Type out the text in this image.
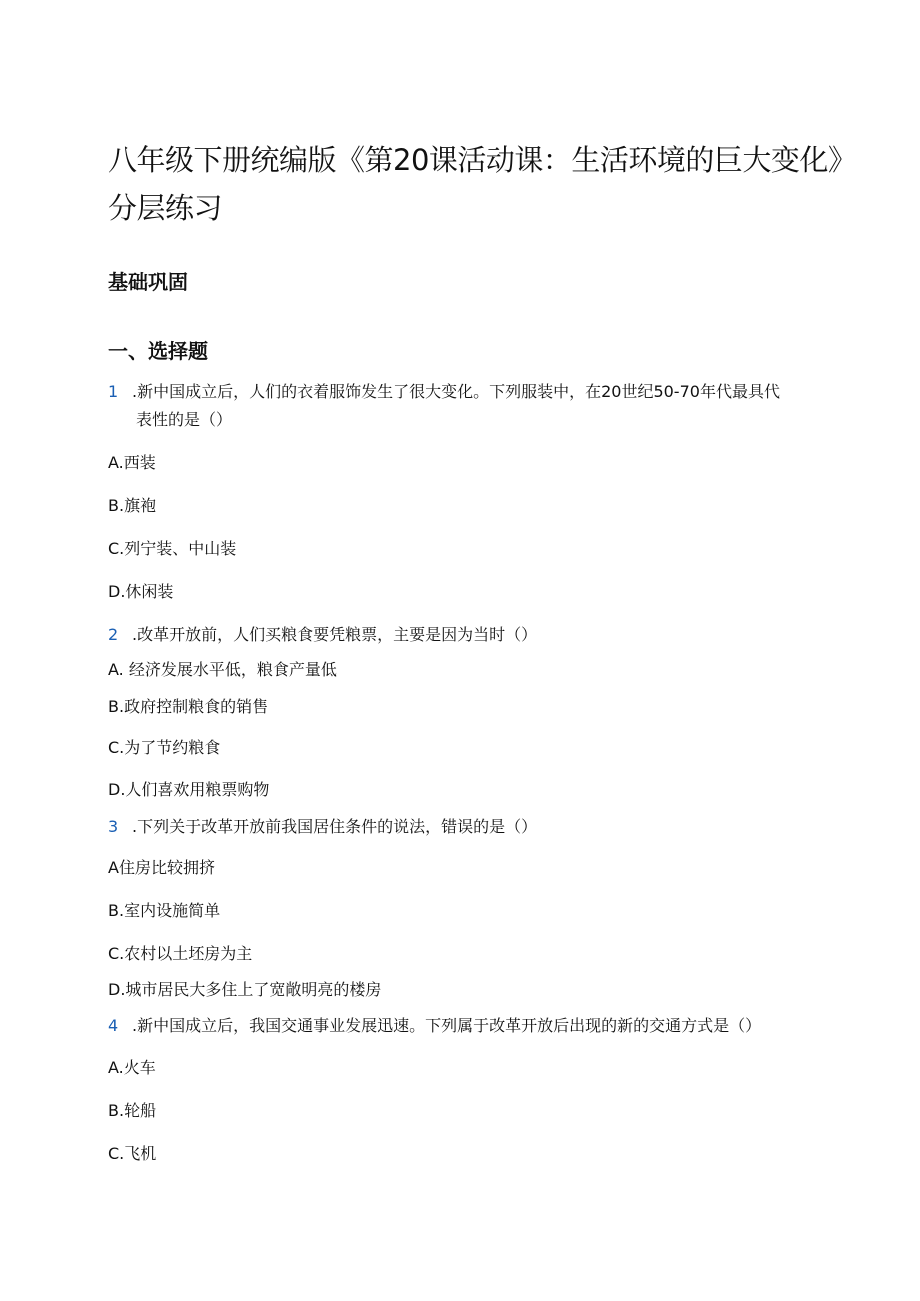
八年级下册统编版《第20课活动课：生活环境的巨大变化》
分层练习
基础巩固
一、选择题
1 .新中国成立后，人们的衣着服饰发生了很大变化。下列服装中，在20世纪50-70年代最具代
表性的是（）
A.西装
B.旗袍
C.列宁装、中山装
D.休闲装
2 .改革开放前，人们买粮食要凭粮票，主要是因为当时（）
A. 经济发展水平低，粮食产量低
B.政府控制粮食的销售
C.为了节约粮食
D.人们喜欢用粮票购物
3 .下列关于改革开放前我国居住条件的说法，错误的是（）
A住房比较拥挤
B.室内设施简单
C.农村以土坯房为主
D.城市居民大多住上了宽敞明亮的楼房
4 .新中国成立后，我国交通事业发展迅速。下列属于改革开放后出现的新的交通方式是（）
A.火车
B.轮船
C.飞机
